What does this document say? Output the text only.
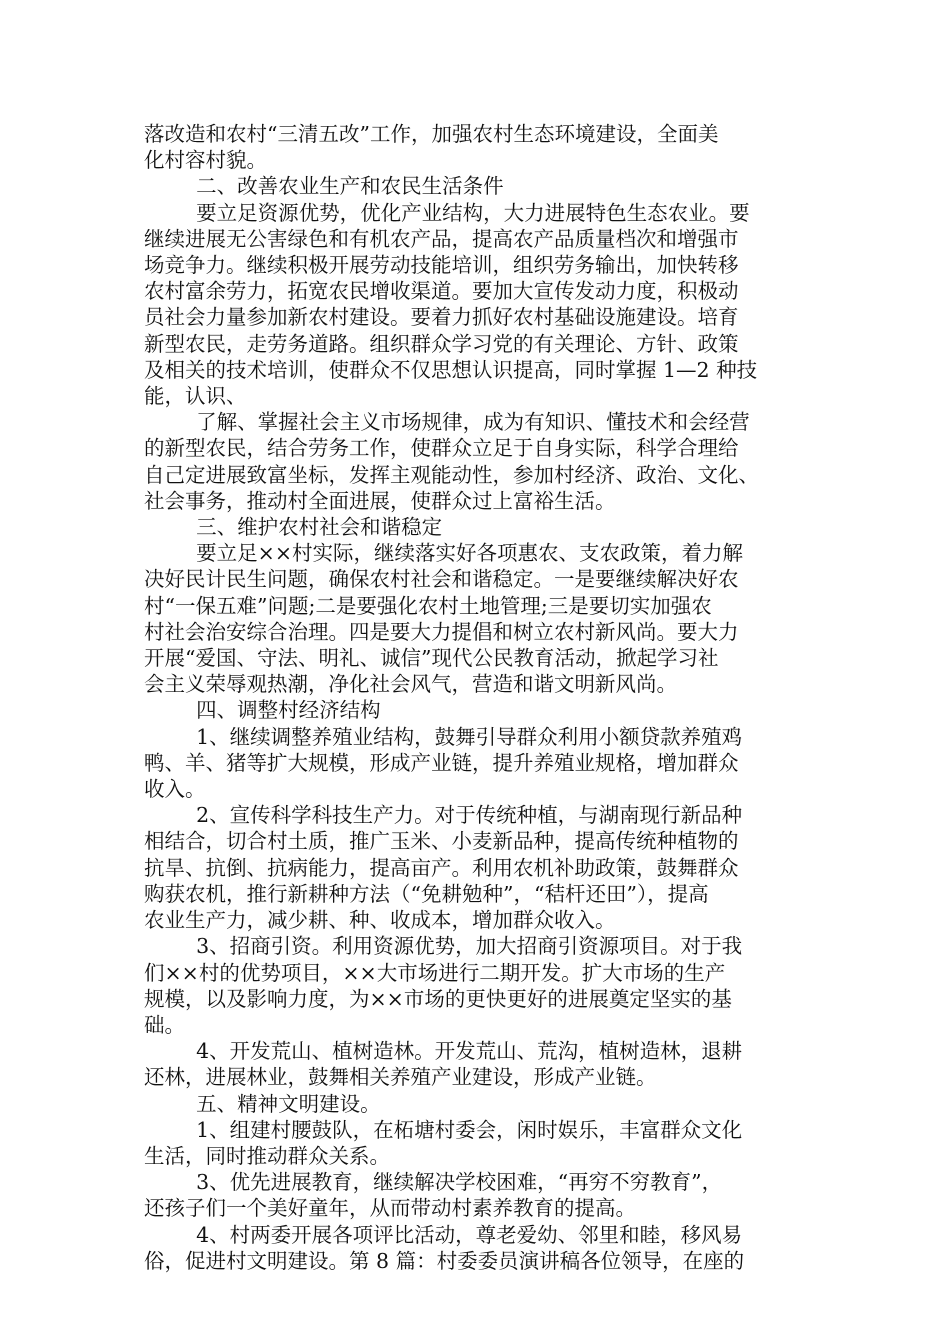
落改造和农村“三清五改”工作，加强农村生态环境建设，全面美

化村容村貌。

二、改善农业生产和农民生活条件

要立足资源优势，优化产业结构，大力进展特色生态农业。要

继续进展无公害绿色和有机农产品，提高农产品质量档次和增强市

场竞争力。继续积极开展劳动技能培训，组织劳务输出，加快转移

农村富余劳力，拓宽农民增收渠道。要加大宣传发动力度，积极动

员社会力量参加新农村建设。要着力抓好农村基础设施建设。培育

新型农民，走劳务道路。组织群众学习党的有关理论、方针、政策

及相关的技术培训，使群众不仅思想认识提高，同时掌握 1—2 种技

能，认识、

了解、掌握社会主义市场规律，成为有知识、懂技术和会经营

的新型农民，结合劳务工作，使群众立足于自身实际，科学合理给

自己定进展致富坐标，发挥主观能动性，参加村经济、政治、文化、

社会事务，推动村全面进展，使群众过上富裕生活。

三、维护农村社会和谐稳定

要立足××村实际，继续落实好各项惠农、支农政策，着力解

决好民计民生问题，确保农村社会和谐稳定。一是要继续解决好农

村“一保五难”问题;二是要强化农村土地管理;三是要切实加强农

村社会治安综合治理。四是要大力提倡和树立农村新风尚。要大力

开展“爱国、守法、明礼、诚信”现代公民教育活动，掀起学习社

会主义荣辱观热潮，净化社会风气，营造和谐文明新风尚。

四、调整村经济结构

1、继续调整养殖业结构，鼓舞引导群众利用小额贷款养殖鸡

鸭、羊、猪等扩大规模，形成产业链，提升养殖业规格，增加群众

收入。

2、宣传科学科技生产力。对于传统种植，与湖南现行新品种

相结合，切合村土质，推广玉米、小麦新品种，提高传统种植物的

抗旱、抗倒、抗病能力，提高亩产。利用农机补助政策，鼓舞群众

购获农机，推行新耕种方法（“免耕勉种”，“秸杆还田”），提高

农业生产力，减少耕、种、收成本，增加群众收入。

3、招商引资。利用资源优势，加大招商引资源项目。对于我

们××村的优势项目，××大市场进行二期开发。扩大市场的生产

规模，以及影响力度，为××市场的更快更好的进展奠定坚实的基

础。

4、开发荒山、植树造林。开发荒山、荒沟，植树造林，退耕

还林，进展林业，鼓舞相关养殖产业建设，形成产业链。

五、精神文明建设。

1、组建村腰鼓队，在柘塘村委会，闲时娱乐，丰富群众文化

生活，同时推动群众关系。

3、优先进展教育，继续解决学校困难，“再穷不穷教育”，

还孩子们一个美好童年，从而带动村素养教育的提高。

4、村两委开展各项评比活动，尊老爱幼、邻里和睦，移风易

俗，促进村文明建设。第 8 篇：村委委员演讲稿各位领导，在座的
